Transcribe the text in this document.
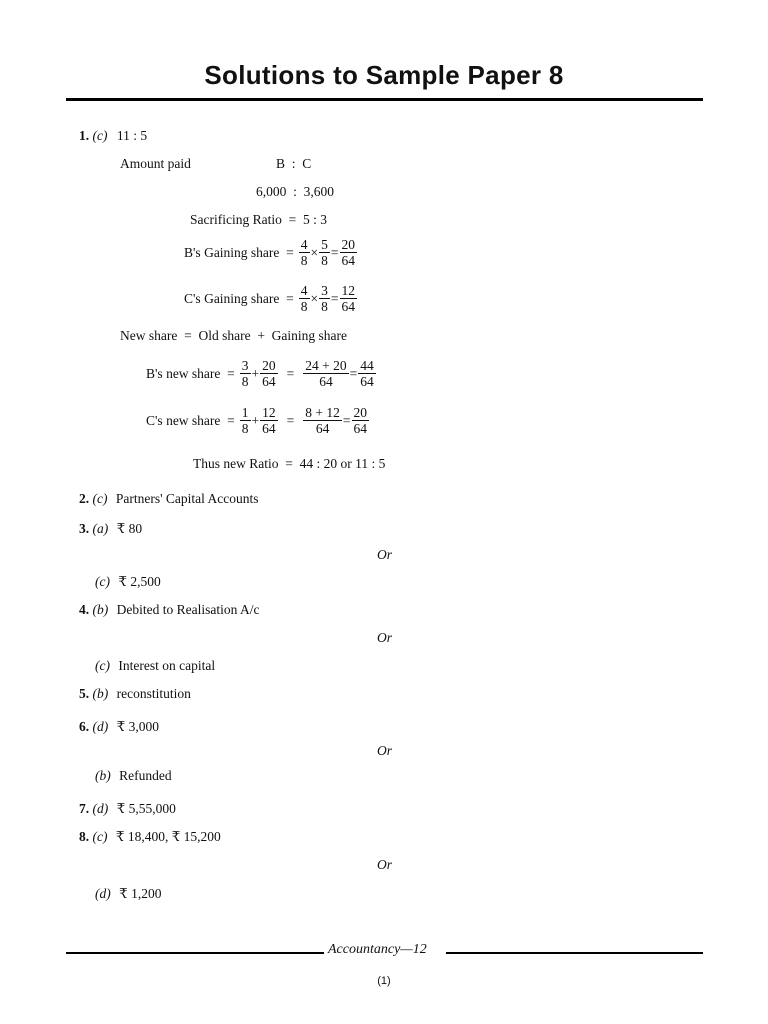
Solutions to Sample Paper 8
1. (c) 11 : 5
Amount paid	B  :  C
6,000  :  3,600
Sacrificing Ratio  =  5 : 3
B's Gaining share  = $\frac{4}{8} \times \frac{5}{8} = \frac{20}{64}$
C's Gaining share  = $\frac{4}{8} \times \frac{3}{8} = \frac{12}{64}$
New share  =  Old share  +  Gaining share
B's new share  = $\frac{3}{8} + \frac{20}{64} = \frac{24 + 20}{64} = \frac{44}{64}$
C's new share  = $\frac{1}{8} + \frac{12}{64} = \frac{8 + 12}{64} = \frac{20}{64}$
Thus new Ratio  =  44 : 20 or 11 : 5
2. (c) Partners' Capital Accounts
3. (a) ₹ 80
Or
(c) ₹ 2,500
4. (b) Debited to Realisation A/c
Or
(c) Interest on capital
5. (b) reconstitution
6. (d) ₹ 3,000
Or
(b) Refunded
7. (d) ₹ 5,55,000
8. (c) ₹ 18,400, ₹ 15,200
Or
(d) ₹ 1,200
Accountancy—12
(1)
